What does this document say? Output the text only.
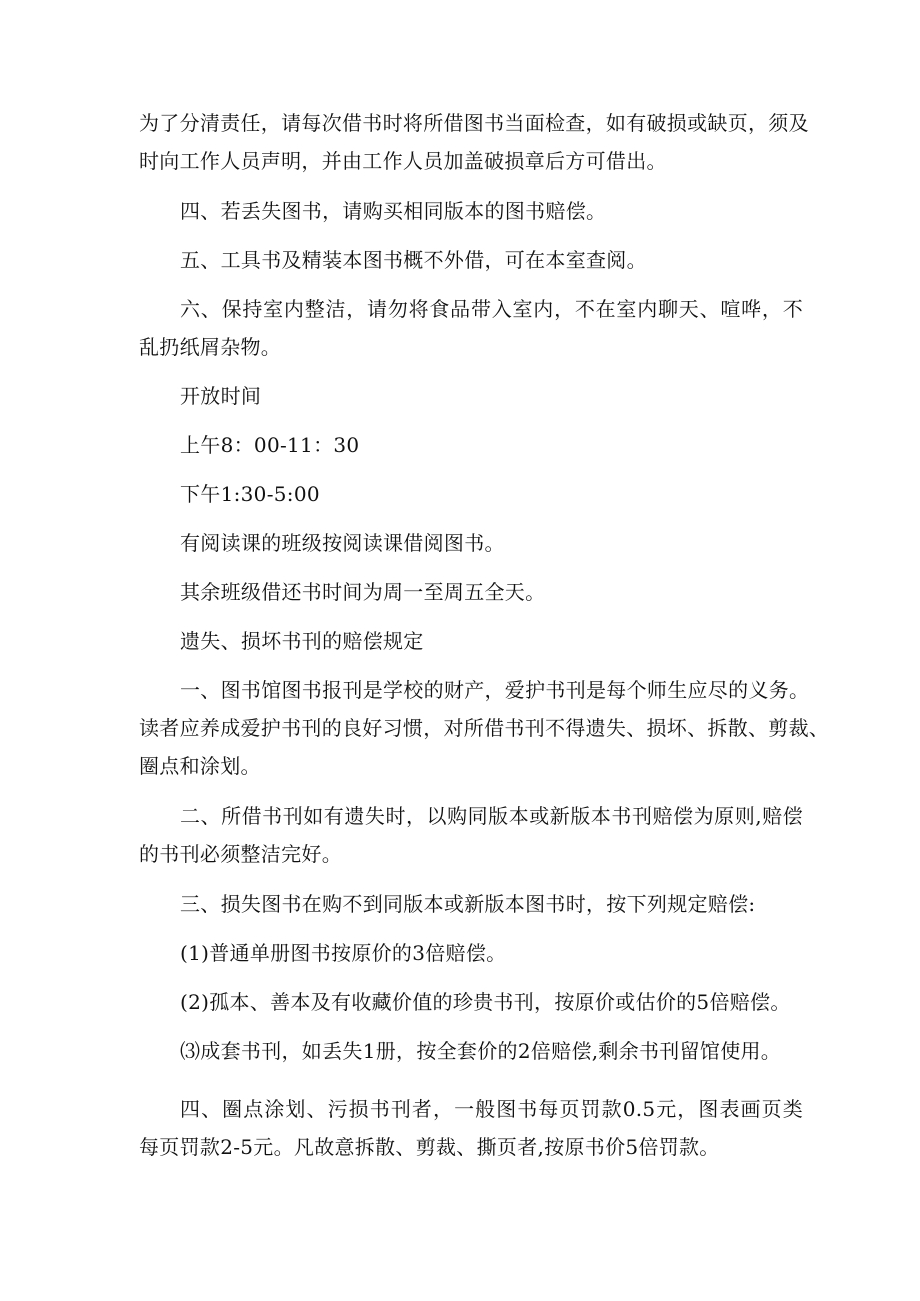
为了分清责任，请每次借书时将所借图书当面检查，如有破损或缺页，须及
时向工作人员声明，并由工作人员加盖破损章后方可借出。
四、若丢失图书，请购买相同版本的图书赔偿。
五、工具书及精装本图书概不外借，可在本室查阅。
六、保持室内整洁，请勿将食品带入室内，不在室内聊天、喧哗，不
乱扔纸屑杂物。
开放时间
上午8：00-11：30
下午1:30-5:00
有阅读课的班级按阅读课借阅图书。
其余班级借还书时间为周一至周五全天。
遗失、损坏书刊的赔偿规定
一、图书馆图书报刊是学校的财产，爱护书刊是每个师生应尽的义务。
读者应养成爱护书刊的良好习惯，对所借书刊不得遗失、损坏、拆散、剪裁、
圈点和涂划。
二、所借书刊如有遗失时，以购同版本或新版本书刊赔偿为原则,赔偿
的书刊必须整洁完好。
三、损失图书在购不到同版本或新版本图书时，按下列规定赔偿:
(1)普通单册图书按原价的3倍赔偿。
(2)孤本、善本及有收藏价值的珍贵书刊，按原价或估价的5倍赔偿。
⑶成套书刊，如丢失1册，按全套价的2倍赔偿,剩余书刊留馆使用。
四、圈点涂划、污损书刊者，一般图书每页罚款0.5元，图表画页类
每页罚款2-5元。凡故意拆散、剪裁、撕页者,按原书价5倍罚款。
